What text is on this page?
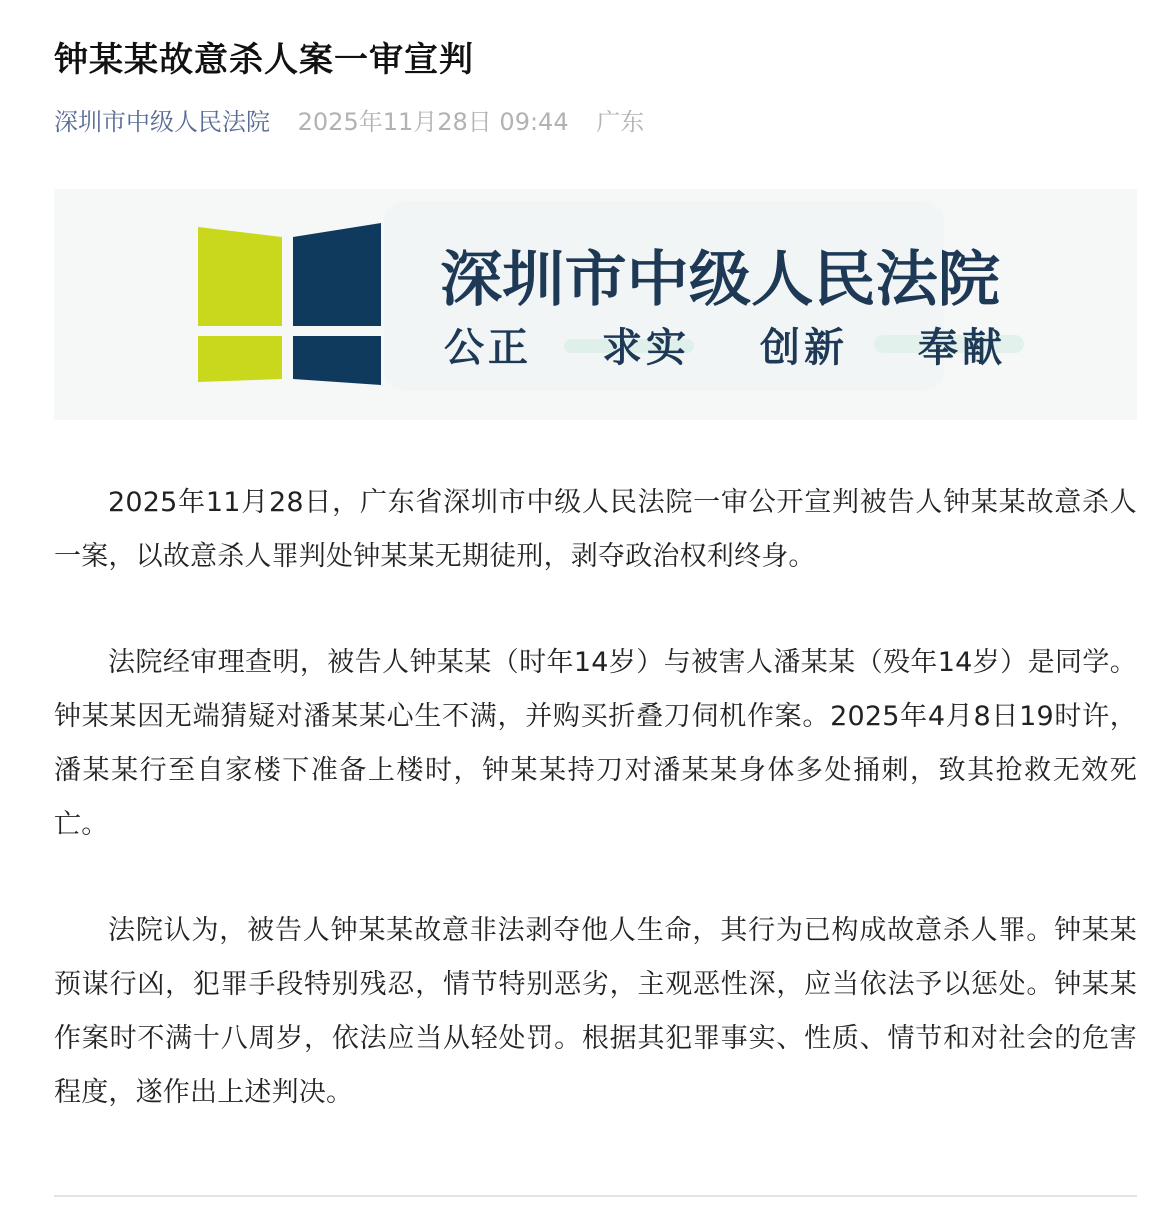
钟某某故意杀人案一审宣判
深圳市中级人民法院 2025年11月28日 09:44 广东
深圳市中级人民法院
公正 求实 创新 奉献

2025年11月28日，广东省深圳市中级人民法院一审公开宣判被告人钟某某故意杀人一案，以故意杀人罪判处钟某某无期徒刑，剥夺政治权利终身。

法院经审理查明，被告人钟某某（时年14岁）与被害人潘某某（殁年14岁）是同学。钟某某因无端猜疑对潘某某心生不满，并购买折叠刀伺机作案。2025年4月8日19时许，潘某某行至自家楼下准备上楼时，钟某某持刀对潘某某身体多处捅刺，致其抢救无效死亡。

法院认为，被告人钟某某故意非法剥夺他人生命，其行为已构成故意杀人罪。钟某某预谋行凶，犯罪手段特别残忍，情节特别恶劣，主观恶性深，应当依法予以惩处。钟某某作案时不满十八周岁，依法应当从轻处罚。根据其犯罪事实、性质、情节和对社会的危害程度，遂作出上述判决。
